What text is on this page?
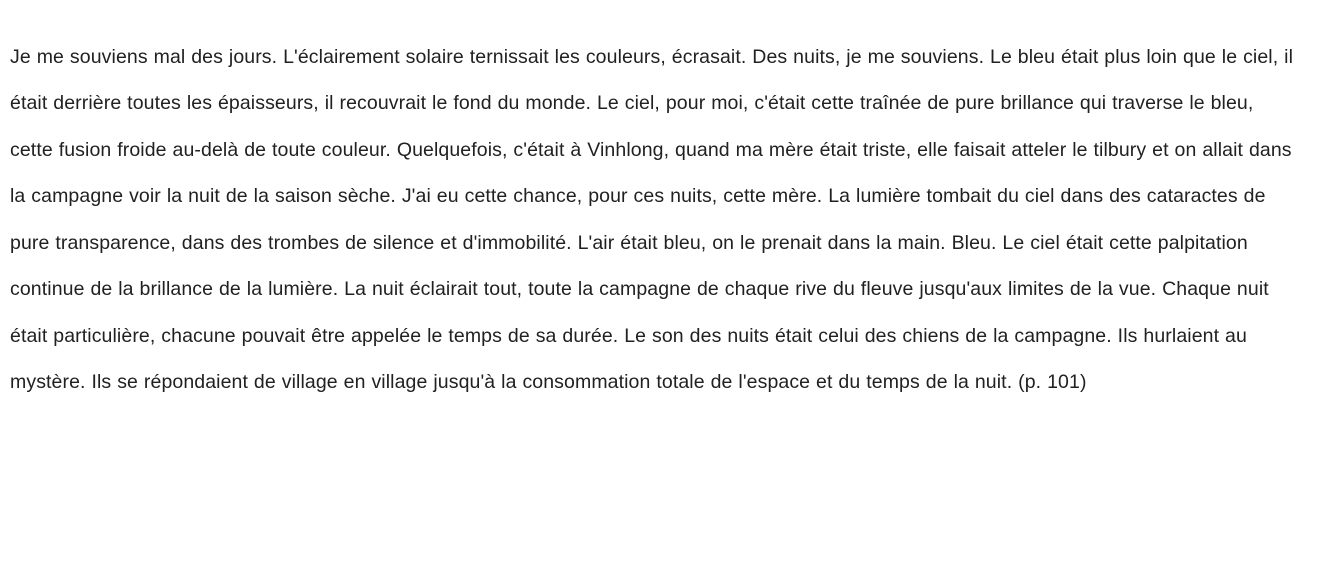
Je me souviens mal des jours. L'éclairement solaire ternissait les couleurs, écrasait. Des nuits, je me souviens. Le bleu était plus loin que le ciel, il était derrière toutes les épaisseurs, il recouvrait le fond du monde. Le ciel, pour moi, c'était cette traînée de pure brillance qui traverse le bleu, cette fusion froide au-delà de toute couleur. Quelquefois, c'était à Vinhlong, quand ma mère était triste, elle faisait atteler le tilbury et on allait dans la campagne voir la nuit de la saison sèche. J'ai eu cette chance, pour ces nuits, cette mère. La lumière tombait du ciel dans des cataractes de pure transparence, dans des trombes de silence et d'immobilité. L'air était bleu, on le prenait dans la main. Bleu. Le ciel était cette palpitation continue de la brillance de la lumière. La nuit éclairait tout, toute la campagne de chaque rive du fleuve jusqu'aux limites de la vue. Chaque nuit était particulière, chacune pouvait être appelée le temps de sa durée. Le son des nuits était celui des chiens de la campagne. Ils hurlaient au mystère. Ils se répondaient de village en village jusqu'à la consommation totale de l'espace et du temps de la nuit. (p. 101)
